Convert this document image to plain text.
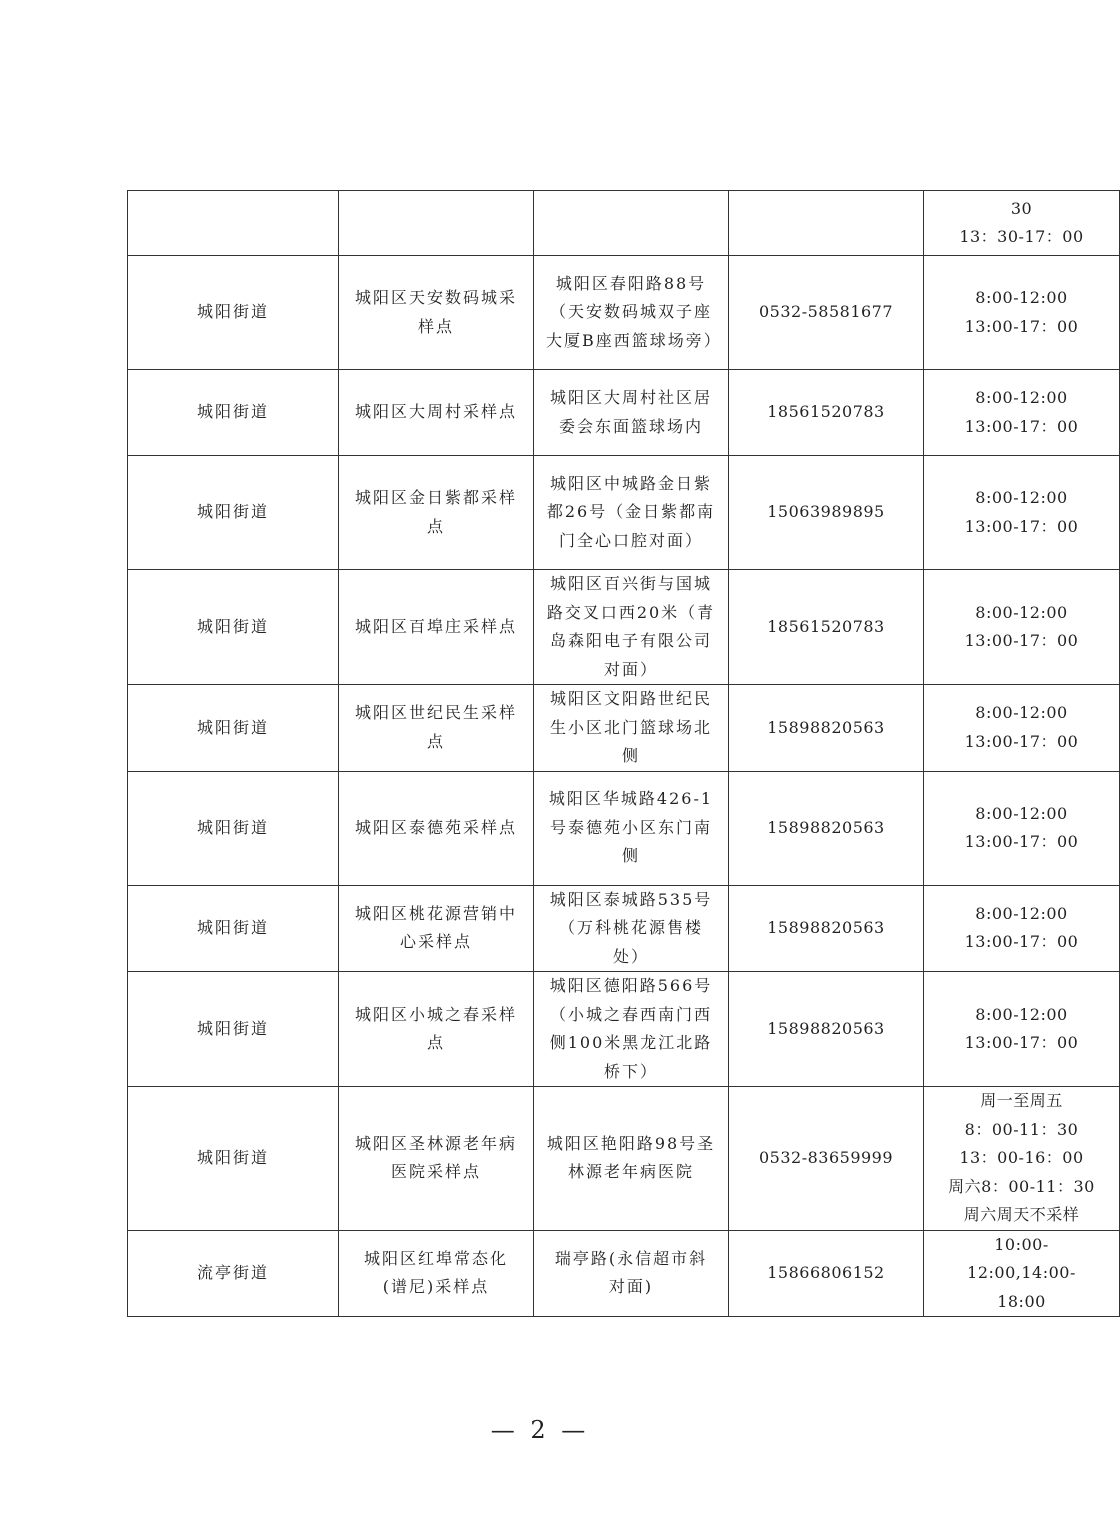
				30
13：30-17：00

城阳街道	城阳区天安数码城采样点	城阳区春阳路88号（天安数码城双子座大厦B座西篮球场旁）	0532-58581677	8:00-12:00
13:00-17：00

城阳街道	城阳区大周村采样点	城阳区大周村社区居委会东面篮球场内	18561520783	8:00-12:00
13:00-17：00

城阳街道	城阳区金日紫都采样点	城阳区中城路金日紫都26号（金日紫都南门全心口腔对面）	15063989895	8:00-12:00
13:00-17：00

城阳街道	城阳区百埠庄采样点	城阳区百兴街与国城路交叉口西20米（青岛森阳电子有限公司对面）	18561520783	8:00-12:00
13:00-17：00

城阳街道	城阳区世纪民生采样点	城阳区文阳路世纪民生小区北门篮球场北侧	15898820563	8:00-12:00
13:00-17：00

城阳街道	城阳区泰德苑采样点	城阳区华城路426-1号泰德苑小区东门南侧	15898820563	8:00-12:00
13:00-17：00

城阳街道	城阳区桃花源营销中心采样点	城阳区泰城路535号（万科桃花源售楼处）	15898820563	8:00-12:00
13:00-17：00

城阳街道	城阳区小城之春采样点	城阳区德阳路566号（小城之春西南门西侧100米黑龙江北路桥下）	15898820563	8:00-12:00
13:00-17：00

城阳街道	城阳区圣林源老年病医院采样点	城阳区艳阳路98号圣林源老年病医院	0532-83659999	周一至周五
8：00-11：30
13：00-16：00
周六8：00-11：30
周六周天不采样

流亭街道	城阳区红埠常态化(谱尼)采样点	瑞亭路(永信超市斜对面)	15866806152	10:00-
12:00,14:00-
18:00
— 2 —
